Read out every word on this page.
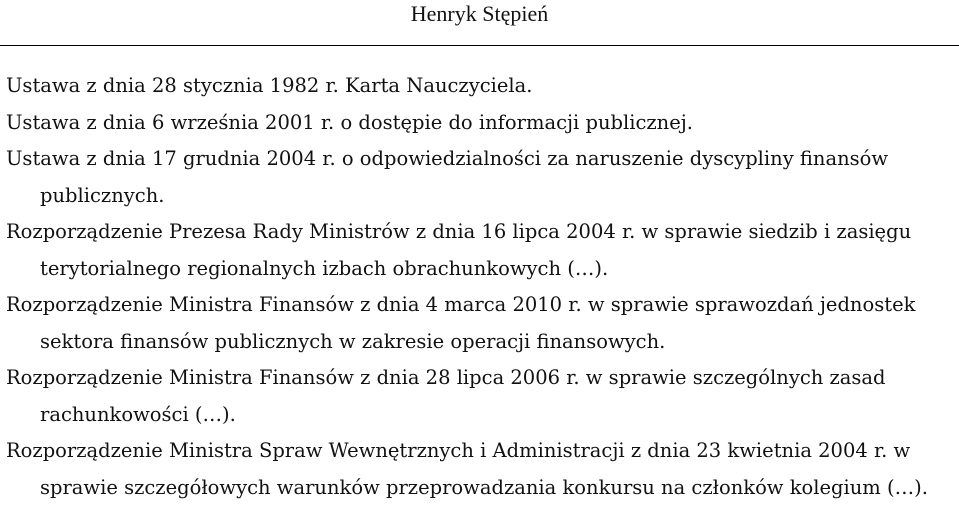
Henryk Stępień
Ustawa z dnia 28 stycznia 1982 r. Karta Nauczyciela.
Ustawa z dnia 6 września 2001 r. o dostępie do informacji publicznej.
Ustawa z dnia 17 grudnia 2004 r. o odpowiedzialności za naruszenie dyscypliny finansów publicznych.
Rozporządzenie Prezesa Rady Ministrów z dnia 16 lipca 2004 r. w sprawie siedzib i zasięgu terytorialnego regionalnych izbach obrachunkowych (…).
Rozporządzenie Ministra Finansów z dnia 4 marca 2010 r. w sprawie sprawozdań jednostek sektora finansów publicznych w zakresie operacji finansowych.
Rozporządzenie Ministra Finansów z dnia 28 lipca 2006 r. w sprawie szczególnych zasad rachunkowości (…).
Rozporządzenie Ministra Spraw Wewnętrznych i Administracji z dnia 23 kwietnia 2004 r. w sprawie szczegółowych warunków przeprowadzania konkursu na członków kolegium (…).
